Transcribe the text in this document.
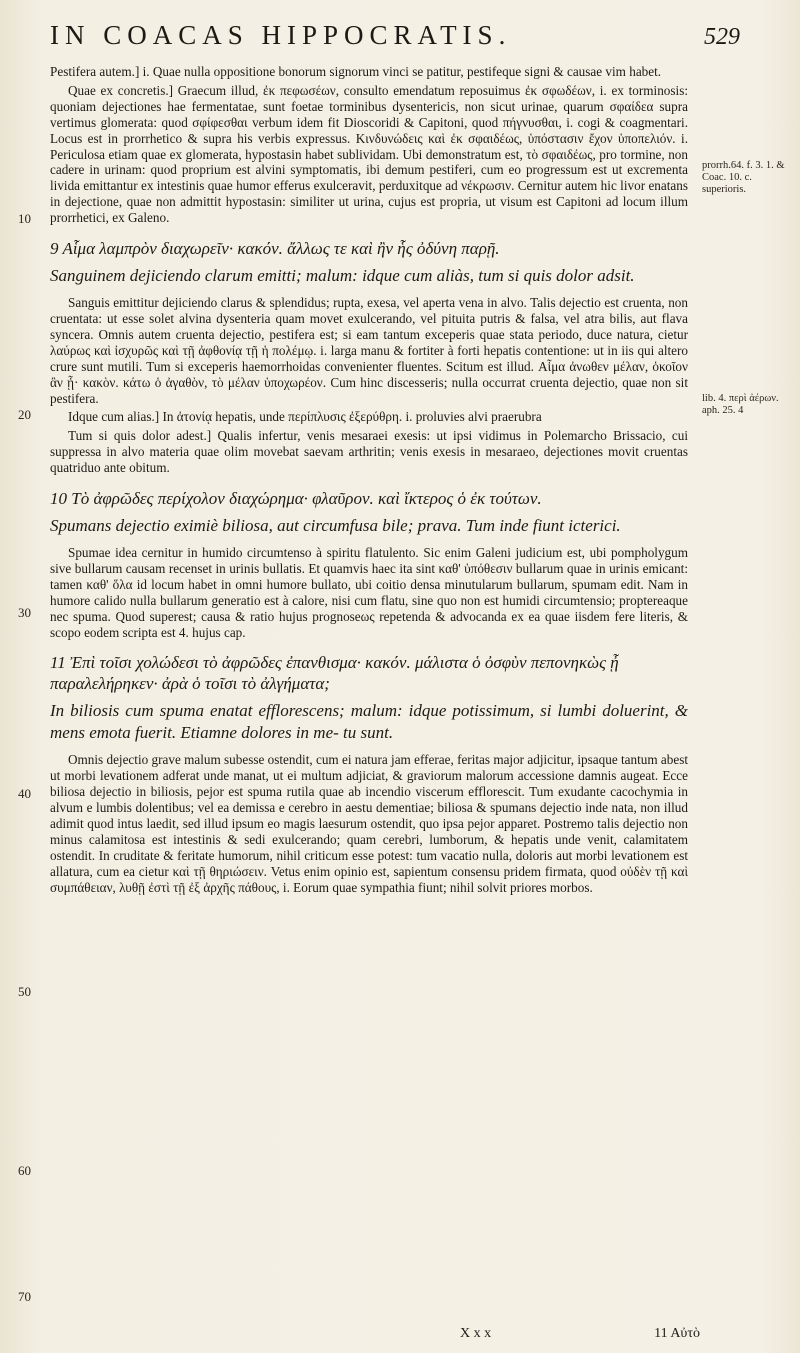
IN COACAS HIPPOCRATIS.	529
10
20
30
40
50
60
70
prorrh.64. f. 3. 1. & Coac. 10. c. superioris.
lib. 4. περὶ ἀέρων. aph. 25. 4

Pestifera autem.] i. Quae nulla oppositione bonorum signorum vinci se patitur, pestifeque signi & causae vim habet.

Quae ex concretis.] Graecum illud, ἐκ πεφωσέων, consulto emendatum reposuimus ἐκ σφωδέων, i. ex torminosis: quoniam dejectiones hae fermentatae, sunt foetae torminibus dysentericis, non sicut urinae, quarum σφαίδεα supra vertimus glomerata: quod σφίφεσθαι verbum idem fit Dioscoridi & Capitoni, quod πήγνυσθαι, i. cogi & coagmentari. Locus est in prorrhetico & supra his verbis expressus. Κινδυνώδεις καὶ ἐκ σφαιδέως, ὑπόστασιν ἔχον ὑποπελιόν. i. Periculosa etiam quae ex glomerata, hypostasin habet sublividam. Ubi demonstratum est, τὸ σφαιδέως, pro tormine, non cadere in urinam: quod proprium est alvini symptomatis, ibi demum pestiferi, cum eo progressum est ut excrementa livida emittantur ex intestinis quae humor efferus exulceravit, perduxitque ad νέκρωσιν. Cernitur autem hic livor enatans in dejectione, quae non admittit hypostasin: similiter ut urina, cujus est propria, ut visum est Capitoni ad locum illum prorrhetici, ex Galeno.

9 Αἷμα λαμπρὸν διαχωρεῖν· κακόν. ἄλλως τε καὶ ἢν ἧς ὀδύνη παρῇ.
Sanguinem dejiciendo clarum emitti; malum: idque cum aliàs, tum si quis dolor adsit.

Sanguis emittitur dejiciendo clarus & splendidus; rupta, exesa, vel aperta vena in alvo. Talis dejectio est cruenta, non cruentata: ut esse solet alvina dysenteria quam movet exulcerando, vel pituita putris & falsa, vel atra bilis, aut flava syncera. Omnis autem cruenta dejectio, pestifera est; si eam tantum exceperis quae stata periodo, duce natura, cietur λαύρως καὶ ἰσχυρῶς καὶ τῇ ἀφθονίᾳ τῇ ἡ πολέμῳ. i. larga manu & fortiter à forti hepatis contentione: ut in iis qui altero crure sunt mutili. Tum si exceperis haemorrhoidas convenienter fluentes. Scitum est illud. Αἷμα ἀνωθεν μέλαν, ὁκοῖον ἂν ᾖ· κακὸν. κάτω ὁ ἀγαθὸν, τὸ μέλαν ὑποχωρέον. Cum hinc discesseris; nulla occurrat cruenta dejectio, quae non sit pestifera.

Idque cum alias.] In ἀτονίᾳ hepatis, unde περίπλυσις ἐξερύθρη. i. proluvies alvi praerubra

Tum si quis dolor adest.] Qualis infertur, venis mesaraei exesis: ut ipsi vidimus in Polemarcho Brissacio, cui suppressa in alvo materia quae olim movebat saevam arthritin; venis exesis in mesaraeo, dejectiones movit cruentas quatriduo ante obitum.

10 Τὸ ἀφρῶδες περίχολον διαχώρημα· φλαῦρον. καὶ ἴκτερος ὁ ἐκ τούτων.
Spumans dejectio eximiè biliosa, aut circumfusa bile; prava. Tum inde fiunt icterici.

Spumae idea cernitur in humido circumtenso à spiritu flatulento. Sic enim Galeni judicium est, ubi pompholygum sive bullarum causam recenset in urinis bullatis. Et quamvis haec ita sint καθ' ὑπόθεσιν bullarum quae in urinis emicant: tamen καθ' ὅλα id locum habet in omni humore bullato, ubi coitio densa minutularum bullarum, spumam edit. Nam in humore calido nulla bullarum generatio est à calore, nisi cum flatu, sine quo non est humidi circumtensio; proptereaque nec spuma. Quod superest; causa & ratio hujus prognoseως repetenda & advocanda ex ea quae iisdem fere literis, & scopo eodem scripta est 4. hujus cap.

11 Ἐπὶ τοῖσι χολώδεσι τὸ ἀφρῶδες ἐπανθισμα· κακόν. μάλιστα ὁ ὀσφὺν πεπονηκὼς ᾖ παραλελήρηκεν· ἀρὰ ὁ τοῖσι τὸ ἀλγήματα;
In biliosis cum spuma enatat efflorescens; malum: idque potissimum, si lumbi doluerint, & mens emota fuerit. Etiamne dolores in me- tu sunt.

Omnis dejectio grave malum subesse ostendit, cum ei natura jam efferae, feritas major adjicitur, ipsaque tantum abest ut morbi levationem adferat unde manat, ut ei multum adjiciat, & graviorum malorum accessione damnis augeat. Ecce biliosa dejectio in biliosis, pejor est spuma rutila quae ab incendio viscerum efflorescit. Tum exudante cacochymia in alvum e lumbis dolentibus; vel ea demissa e cerebro in aestu dementiae; biliosa & spumans dejectio inde nata, non illud adimit quod intus laedit, sed illud ipsum eo magis laesurum ostendit, quo ipsa pejor apparet. Postremo talis dejectio non minus calamitosa est intestinis & sedi exulcerando; quam cerebri, lumborum, & hepatis unde venit, calamitatem ostendit. In cruditate & feritate humorum, nihil criticum esse potest: tum vacatio nulla, doloris aut morbi levationem est allatura, cum ea cietur καὶ τῇ θηριώσειν. Vetus enim opinio est, sapientum consensu pridem firmata, quod οὐδὲν τῇ καὶ συμπάθειαν, λυθῇ ἐστὶ τῇ ἐξ ἀρχῆς πάθους, i. Eorum quae sympathia fiunt; nihil solvit priores morbos.

X x x	11 Αὐτὸ
